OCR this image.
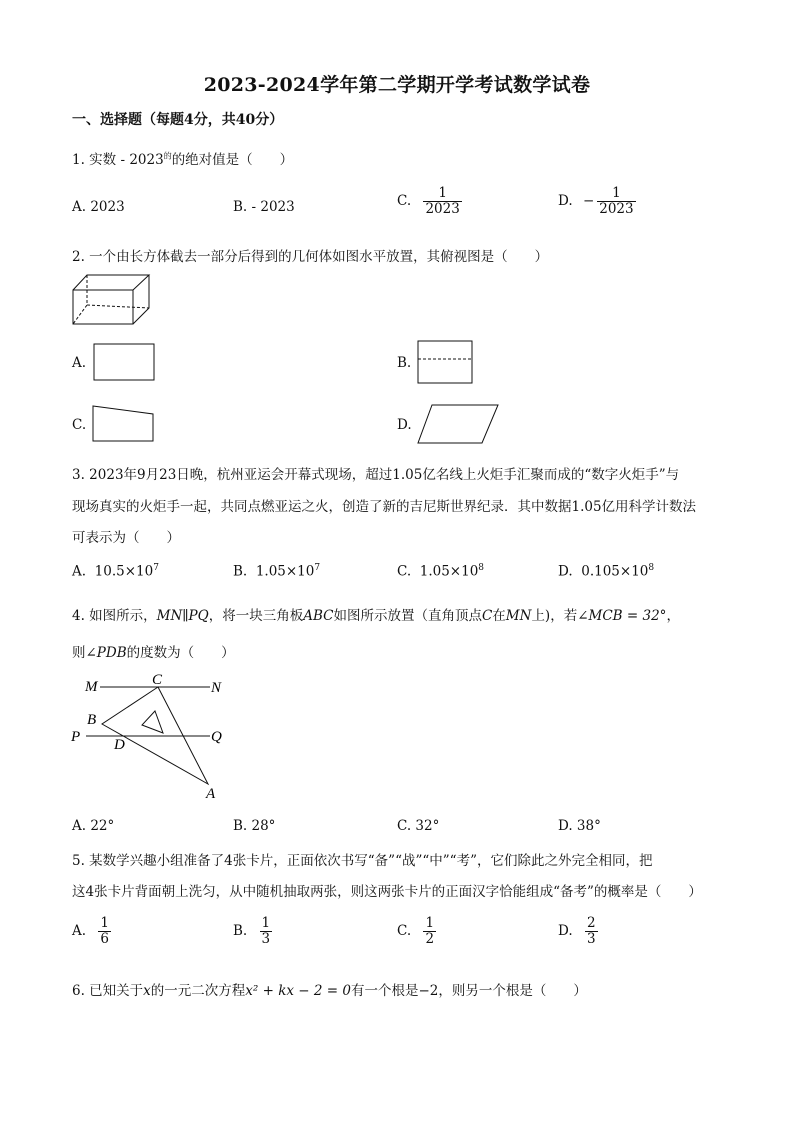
2023-2024学年第二学期开学考试数学试卷
一、选择题（每题4分，共40分）
1. 实数 - $2023^的$的绝对值是（　　）
A. 2023	B. - 2023	C. $\frac{1}{2023}$	D. − $\frac{1}{2023}$
2. 一个由长方体截去一部分后得到的几何体如图水平放置，其俯视图是（　　）
A.	B.
C.	D.
3. 2023年9月23日晚，杭州亚运会开幕式现场，超过1.05亿名线上火炬手汇聚而成的“数字火炬手”与
现场真实的火炬手一起，共同点燃亚运之火，创造了新的吉尼斯世界纪录．其中数据1.05亿用科学计数法
可表示为（　　）
A. $10.5\times 10^7$	B. $1.05\times 10^7$	C. $1.05\times 10^8$	D. $0.105\times 10^8$
4. 如图所示，MN∥PQ，将一块三角板ABC如图所示放置（直角顶点C在MN上)，若∠MCB = 32°，
则∠PDB的度数为（　　）
M	C	N
B
P D	Q
A
A. 22°	B. 28°	C. 32°	D. 38°
5. 某数学兴趣小组准备了4张卡片，正面依次书写“备”“战”“中”“考”，它们除此之外完全相同，把
这4张卡片背面朝上洗匀，从中随机抽取两张，则这两张卡片的正面汉字恰能组成“备考”的概率是（　　）
A. $\frac{1}{6}$	B. $\frac{1}{3}$	C. $\frac{1}{2}$	D. $\frac{2}{3}$
6. 已知关于x的一元二次方程x² + kx − 2 = 0有一个根是−2，则另一个根是（　　）
